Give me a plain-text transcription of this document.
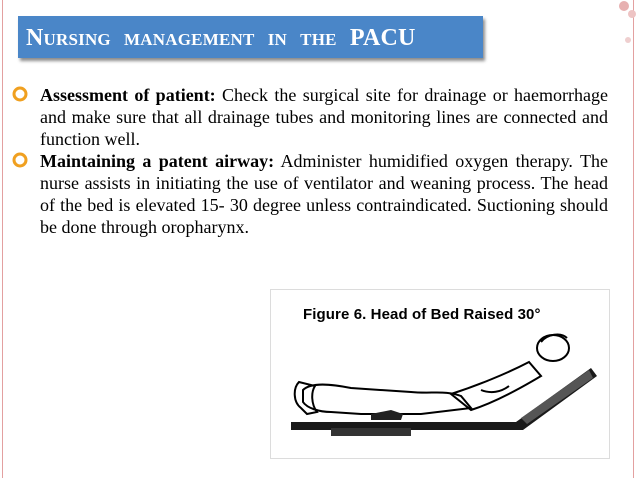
Nursing management in the PACU
Assessment of patient: Check the surgical site for drainage or haemorrhage and make sure that all drainage tubes and monitoring lines are connected and function well.
Maintaining a patent airway: Administer humidified oxygen therapy. The nurse assists in initiating the use of ventilator and weaning process. The head of the bed is elevated 15- 30 degree unless contraindicated. Suctioning should be done through oropharynx.
Figure 6. Head of Bed Raised 30°
